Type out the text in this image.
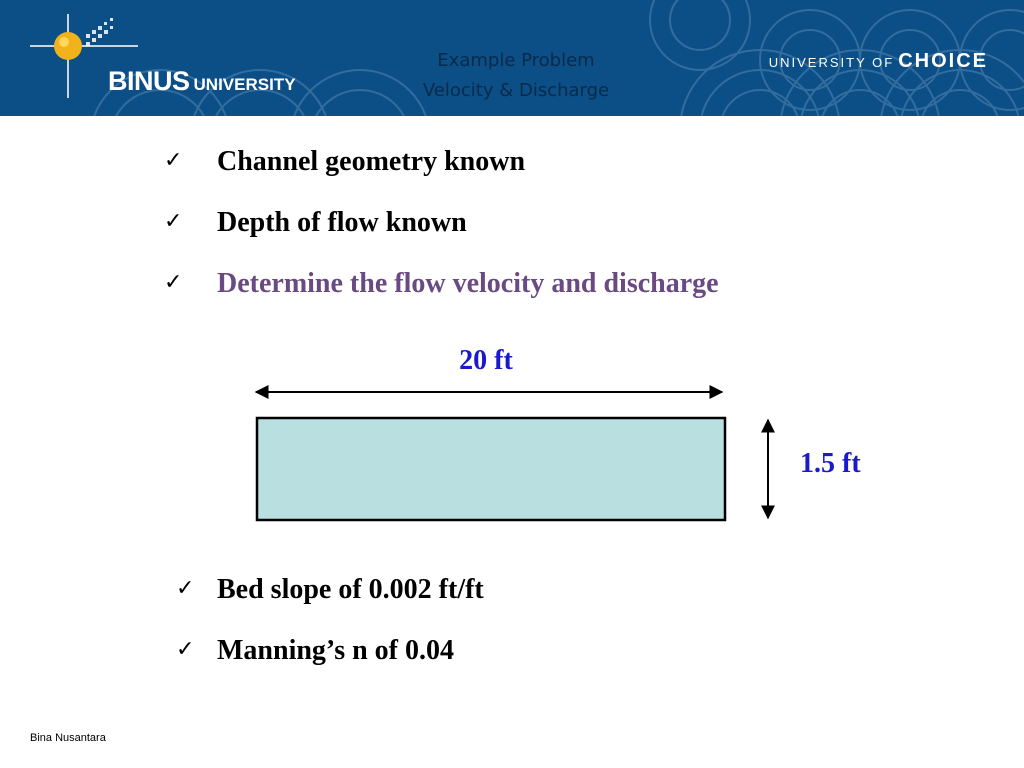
BINUS UNIVERSITY
Example Problem
Velocity & Discharge
UNIVERSITY OF CHOICE
✓ Channel geometry known
✓ Depth of flow known
✓ Determine the flow velocity and discharge
20 ft
1.5 ft
✓ Bed slope of 0.002 ft/ft
✓ Manning’s n of 0.04
Bina Nusantara
